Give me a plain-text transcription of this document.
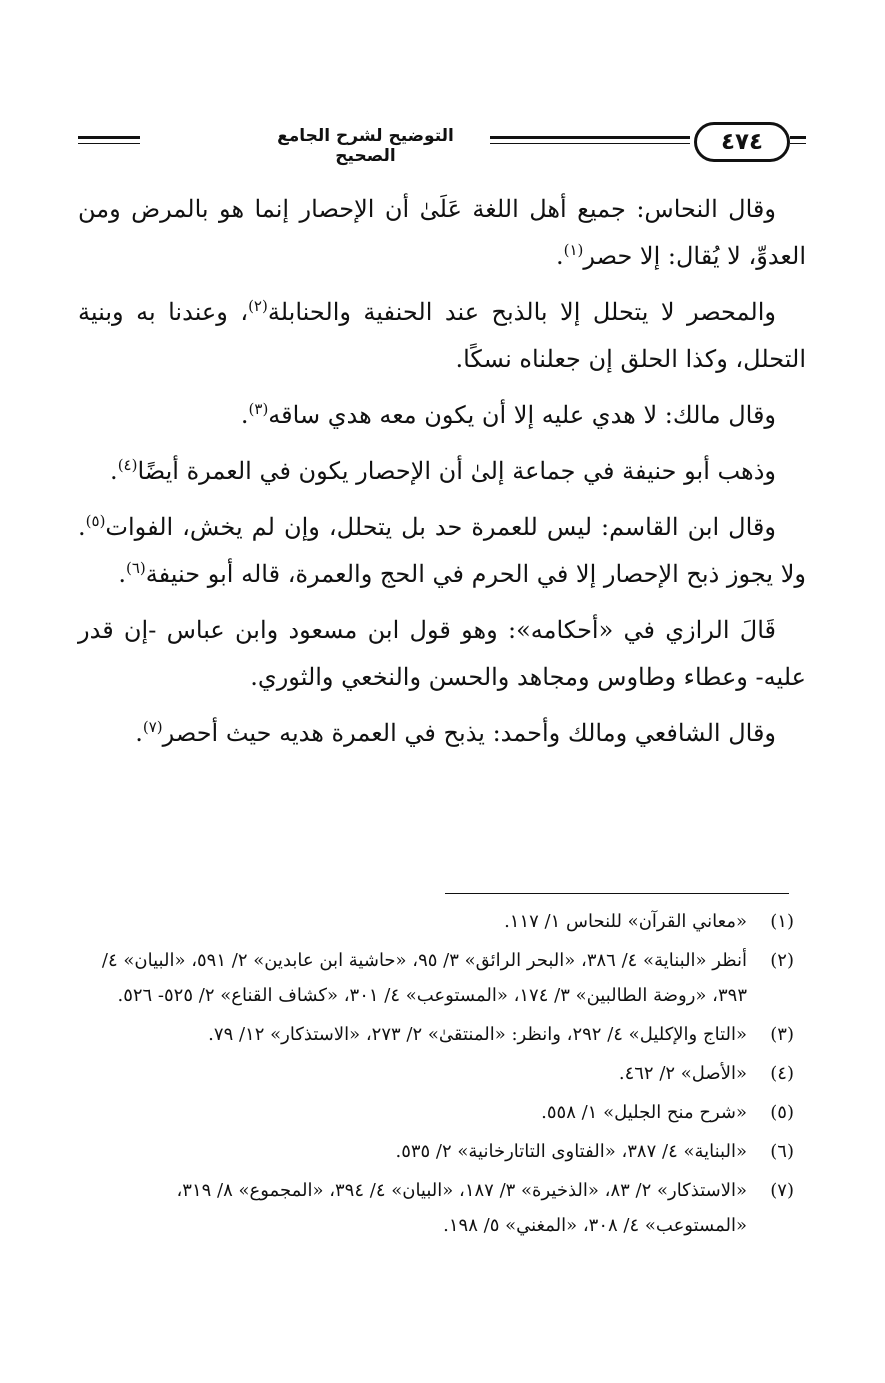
التوضيح لشرح الجامع الصحيح
٤٧٤

وقال النحاس: جميع أهل اللغة عَلَىٰ أن الإحصار إنما هو بالمرض ومن العدوِّ، لا يُقال: إلا حصر$^{(١)}$.

والمحصر لا يتحلل إلا بالذبح عند الحنفية والحنابلة$^{(٢)}$، وعندنا به وبنية التحلل، وكذا الحلق إن جعلناه نسكًا.

وقال مالك: لا هدي عليه إلا أن يكون معه هدي ساقه$^{(٣)}$.

وذهب أبو حنيفة في جماعة إلىٰ أن الإحصار يكون في العمرة أيضًا$^{(٤)}$.

وقال ابن القاسم: ليس للعمرة حد بل يتحلل، وإن لم يخش، الفوات$^{(٥)}$. ولا يجوز ذبح الإحصار إلا في الحرم في الحج والعمرة، قاله أبو حنيفة$^{(٦)}$.

قَالَ الرازي في «أحكامه»: وهو قول ابن مسعود وابن عباس -إن قدر عليه- وعطاء وطاوس ومجاهد والحسن والنخعي والثوري.

وقال الشافعي ومالك وأحمد: يذبح في العمرة هديه حيث أحصر$^{(٧)}$.

(١)
«معاني القرآن» للنحاس ١/ ١١٧.

(٢)
أنظر «البناية» ٤/ ٣٨٦، «البحر الرائق» ٣/ ٩٥، «حاشية ابن عابدين» ٢/ ٥٩١، «البيان» ٤/ ٣٩٣، «روضة الطالبين» ٣/ ١٧٤، «المستوعب» ٤/ ٣٠١، «كشاف القناع» ٢/ ٥٢٥- ٥٢٦.

(٣)
«التاج والإكليل» ٤/ ٢٩٢، وانظر: «المنتقىٰ» ٢/ ٢٧٣، «الاستذكار» ١٢/ ٧٩.

(٤)
«الأصل» ٢/ ٤٦٢.

(٥)
«شرح منح الجليل» ١/ ٥٥٨.

(٦)
«البناية» ٤/ ٣٨٧، «الفتاوى التاتارخانية» ٢/ ٥٣٥.

(٧)
«الاستذكار» ٢/ ٨٣، «الذخيرة» ٣/ ١٨٧، «البيان» ٤/ ٣٩٤، «المجموع» ٨/ ٣١٩، «المستوعب» ٤/ ٣٠٨، «المغني» ٥/ ١٩٨.
